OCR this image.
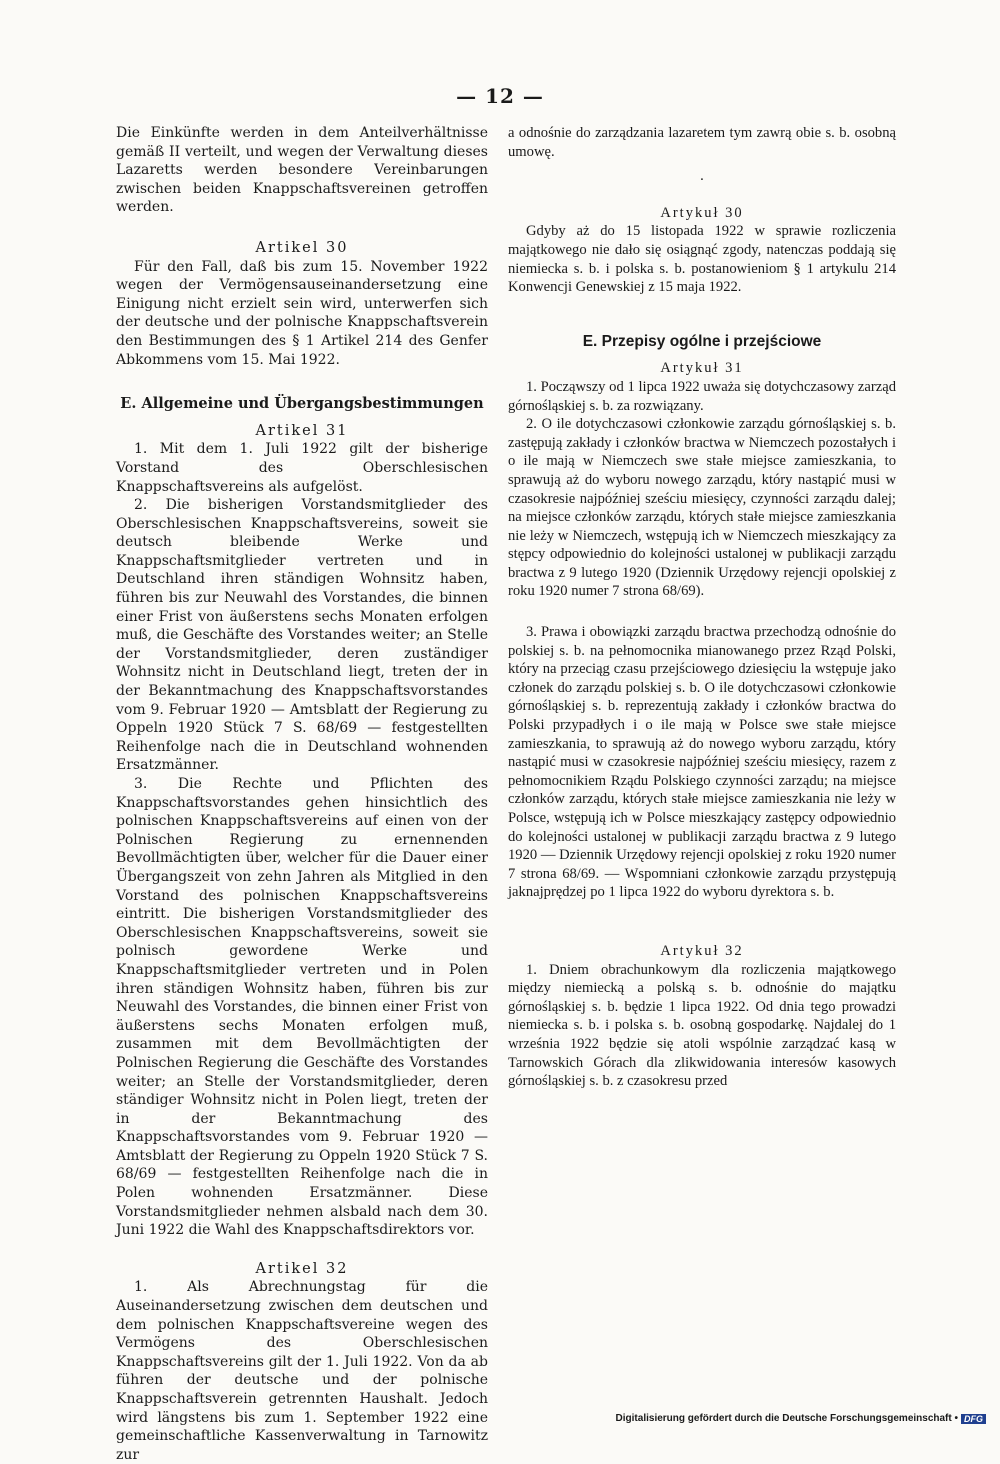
— 12 —

Die Einkünfte werden in dem Anteilverhältnisse gemäß II verteilt, und wegen der Verwaltung dieses Lazaretts werden besondere Vereinbarungen zwischen beiden Knappschaftsvereinen getroffen werden.

Artikel 30

Für den Fall, daß bis zum 15. November 1922 wegen der Vermögensauseinandersetzung eine Einigung nicht erzielt sein wird, unterwerfen sich der deutsche und der polnische Knappschaftsverein den Bestimmungen des § 1 Artikel 214 des Genfer Abkommens vom 15. Mai 1922.

E. Allgemeine und Übergangsbestimmungen

Artikel 31

1. Mit dem 1. Juli 1922 gilt der bisherige Vorstand des Oberschlesischen Knappschaftsvereins als aufgelöst.

2. Die bisherigen Vorstandsmitglieder des Oberschlesischen Knappschaftsvereins, soweit sie deutsch bleibende Werke und Knappschaftsmitglieder vertreten und in Deutschland ihren ständigen Wohnsitz haben, führen bis zur Neuwahl des Vorstandes, die binnen einer Frist von äußerstens sechs Monaten erfolgen muß, die Geschäfte des Vorstandes weiter; an Stelle der Vorstandsmitglieder, deren zuständiger Wohnsitz nicht in Deutschland liegt, treten der in der Bekanntmachung des Knappschaftsvorstandes vom 9. Februar 1920 — Amtsblatt der Regierung zu Oppeln 1920 Stück 7 S. 68/69 — festgestellten Reihenfolge nach die in Deutschland wohnenden Ersatzmänner.

3. Die Rechte und Pflichten des Knappschaftsvorstandes gehen hinsichtlich des polnischen Knappschaftsvereins auf einen von der Polnischen Regierung zu ernennenden Bevollmächtigten über, welcher für die Dauer einer Übergangszeit von zehn Jahren als Mitglied in den Vorstand des polnischen Knappschaftsvereins eintritt. Die bisherigen Vorstandsmitglieder des Oberschlesischen Knappschaftsvereins, soweit sie polnisch gewordene Werke und Knappschaftsmitglieder vertreten und in Polen ihren ständigen Wohnsitz haben, führen bis zur Neuwahl des Vorstandes, die binnen einer Frist von äußerstens sechs Monaten erfolgen muß, zusammen mit dem Bevollmächtigten der Polnischen Regierung die Geschäfte des Vorstandes weiter; an Stelle der Vorstandsmitglieder, deren ständiger Wohnsitz nicht in Polen liegt, treten der in der Bekanntmachung des Knappschaftsvorstandes vom 9. Februar 1920 — Amtsblatt der Regierung zu Oppeln 1920 Stück 7 S. 68/69 — festgestellten Reihenfolge nach die in Polen wohnenden Ersatzmänner. Diese Vorstandsmitglieder nehmen alsbald nach dem 30. Juni 1922 die Wahl des Knappschaftsdirektors vor.

Artikel 32

1. Als Abrechnungstag für die Auseinandersetzung zwischen dem deutschen und dem polnischen Knappschaftsvereine wegen des Vermögens des Oberschlesischen Knappschaftsvereins gilt der 1. Juli 1922. Von da ab führen der deutsche und der polnische Knappschaftsverein getrennten Haushalt. Jedoch wird längstens bis zum 1. September 1922 eine gemeinschaftliche Kassenverwaltung in Tarnowitz zur

a odnośnie do zarządzania lazaretem tym zawrą obie s. b. osobną umowę.

.

Artykuł 30

Gdyby aż do 15 listopada 1922 w sprawie rozliczenia majątkowego nie dało się osiągnąć zgody, natenczas poddają się niemiecka s. b. i polska s. b. postanowieniom § 1 artykulu 214 Konwencji Genewskiej z 15 maja 1922.

E. Przepisy ogólne i przejściowe

Artykuł 31

1. Począwszy od 1 lipca 1922 uważa się dotychczasowy zarząd górnośląskiej s. b. za rozwiązany.

2. O ile dotychczasowi członkowie zarządu górnośląskiej s. b. zastępują zakłady i członków bractwa w Niemczech pozostałych i o ile mają w Niemczech swe stałe miejsce zamieszkania, to sprawują aż do wyboru nowego zarządu, który nastąpić musi w czasokresie najpóźniej sześciu miesięcy, czynności zarządu dalej; na miejsce członków zarządu, których stałe miejsce zamieszkania nie leży w Niemczech, wstępują ich w Niemczech mieszkający za stępcy odpowiednio do kolejności ustalonej w publikacji zarządu bractwa z 9 lutego 1920 (Dziennik Urzędowy rejencji opolskiej z roku 1920 numer 7 strona 68/69).

3. Prawa i obowiązki zarządu bractwa przechodzą odnośnie do polskiej s. b. na pełnomocnika mianowanego przez Rząd Polski, który na przeciąg czasu przejściowego dziesięciu la wstępuje jako członek do zarządu polskiej s. b. O ile dotychczasowi członkowie górnośląskiej s. b. reprezentują zakłady i członków bractwa do Polski przypadłych i o ile mają w Polsce swe stałe miejsce zamieszkania, to sprawują aż do nowego wyboru zarządu, który nastąpić musi w czasokresie najpóźniej sześciu miesięcy, razem z pełnomocnikiem Rządu Polskiego czynności zarządu; na miejsce członków zarządu, których stałe miejsce zamieszkania nie leży w Polsce, wstępują ich w Polsce mieszkający zastępcy odpowiednio do kolejności ustalonej w publikacji zarządu bractwa z 9 lutego 1920 — Dziennik Urzędowy rejencji opolskiej z roku 1920 numer 7 strona 68/69. — Wspomniani członkowie zarządu przystępują jaknajprędzej po 1 lipca 1922 do wyboru dyrektora s. b.

Artykuł 32

1. Dniem obrachunkowym dla rozliczenia majątkowego między niemiecką a polską s. b. odnośnie do majątku górnośląskiej s. b. będzie 1 lipca 1922. Od dnia tego prowadzi niemiecka s. b. i polska s. b. osobną gospodarkę. Najdalej do 1 września 1922 będzie się atoli wspólnie zarządzać kasą w Tarnowskich Górach dla zlikwidowania interesów kasowych górnośląskiej s. b. z czasokresu przed

Digitalisierung gefördert durch die Deutsche Forschungsgemeinschaft • DFG
